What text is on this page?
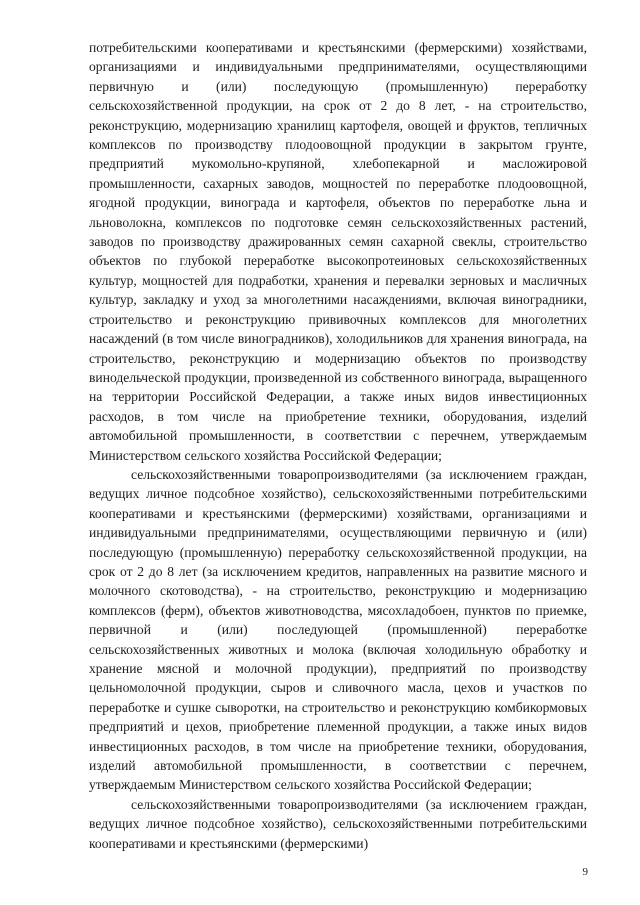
потребительскими кооперативами и крестьянскими (фермерскими) хозяйствами, организациями и индивидуальными предпринимателями, осуществляющими первичную и (или) последующую (промышленную) переработку сельскохозяйственной продукции, на срок от 2 до 8 лет, - на строительство, реконструкцию, модернизацию хранилищ картофеля, овощей и фруктов, тепличных комплексов по производству плодоовощной продукции в закрытом грунте, предприятий мукомольно-крупяной, хлебопекарной и масложировой промышленности, сахарных заводов, мощностей по переработке плодоовощной, ягодной продукции, винограда и картофеля, объектов по переработке льна и льноволокна, комплексов по подготовке семян сельскохозяйственных растений, заводов по производству дражированных семян сахарной свеклы, строительство объектов по глубокой переработке высокопротеиновых сельскохозяйственных культур, мощностей для подработки, хранения и перевалки зерновых и масличных культур, закладку и уход за многолетними насаждениями, включая виноградники, строительство и реконструкцию прививочных комплексов для многолетних насаждений (в том числе виноградников), холодильников для хранения винограда, на строительство, реконструкцию и модернизацию объектов по производству винодельческой продукции, произведенной из собственного винограда, выращенного на территории Российской Федерации, а также иных видов инвестиционных расходов, в том числе на приобретение техники, оборудования, изделий автомобильной промышленности, в соответствии с перечнем, утверждаемым Министерством сельского хозяйства Российской Федерации;

сельскохозяйственными товаропроизводителями (за исключением граждан, ведущих личное подсобное хозяйство), сельскохозяйственными потребительскими кооперативами и крестьянскими (фермерскими) хозяйствами, организациями и индивидуальными предпринимателями, осуществляющими первичную и (или) последующую (промышленную) переработку сельскохозяйственной продукции, на срок от 2 до 8 лет (за исключением кредитов, направленных на развитие мясного и молочного скотоводства), - на строительство, реконструкцию и модернизацию комплексов (ферм), объектов животноводства, мясохладобоен, пунктов по приемке, первичной и (или) последующей (промышленной) переработке сельскохозяйственных животных и молока (включая холодильную обработку и хранение мясной и молочной продукции), предприятий по производству цельномолочной продукции, сыров и сливочного масла, цехов и участков по переработке и сушке сыворотки, на строительство и реконструкцию комбикормовых предприятий и цехов, приобретение племенной продукции, а также иных видов инвестиционных расходов, в том числе на приобретение техники, оборудования, изделий автомобильной промышленности, в соответствии с перечнем, утверждаемым Министерством сельского хозяйства Российской Федерации;

сельскохозяйственными товаропроизводителями (за исключением граждан, ведущих личное подсобное хозяйство), сельскохозяйственными потребительскими кооперативами и крестьянскими (фермерскими)

9
